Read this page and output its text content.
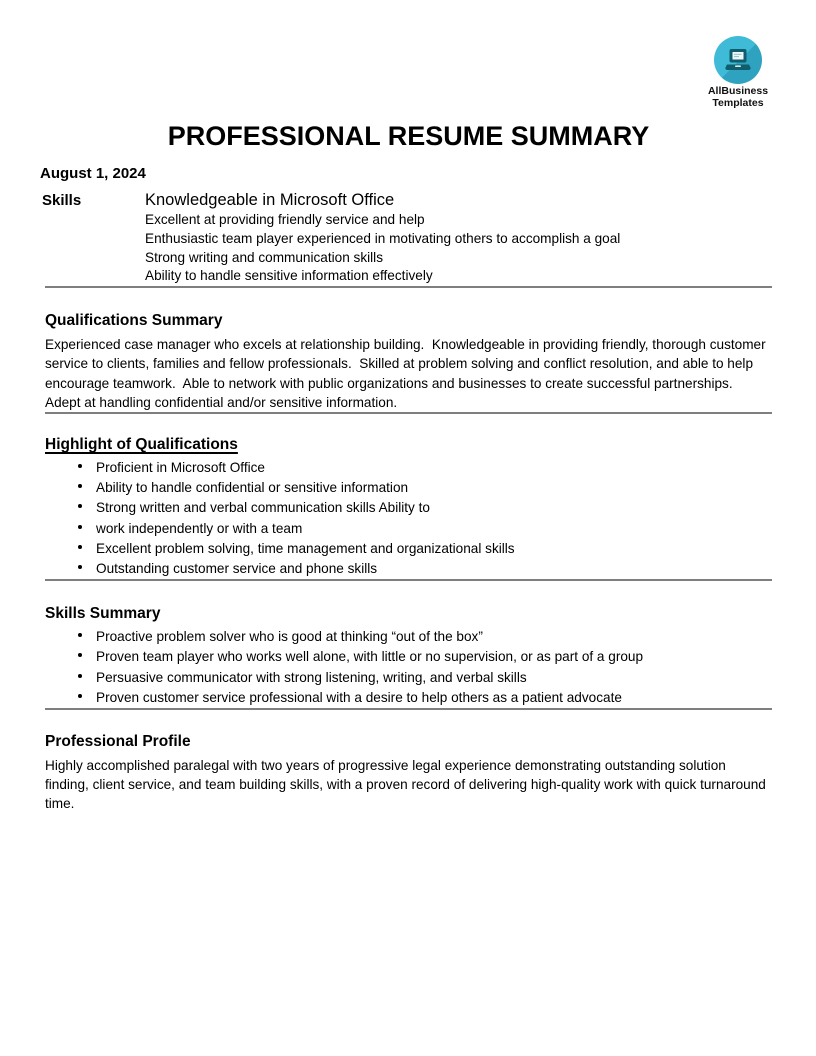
AllBusiness
Templates
PROFESSIONAL RESUME SUMMARY
August 1, 2024
Skills	Knowledgeable in Microsoft Office
Excellent at providing friendly service and help
Enthusiastic team player experienced in motivating others to accomplish a goal
Strong writing and communication skills
Ability to handle sensitive information effectively
Qualifications Summary

Experienced case manager who excels at relationship building.  Knowledgeable in providing friendly, thorough customer service to clients, families and fellow professionals.  Skilled at problem solving and conflict resolution, and able to help encourage teamwork.  Able to network with public organizations and businesses to create successful partnerships.  Adept at handling confidential and/or sensitive information.

Highlight of Qualifications
Proficient in Microsoft Office
Ability to handle confidential or sensitive information
Strong written and verbal communication skills Ability to
work independently or with a team
Excellent problem solving, time management and organizational skills
Outstanding customer service and phone skills
Skills Summary
Proactive problem solver who is good at thinking “out of the box”
Proven team player who works well alone, with little or no supervision, or as part of a group
Persuasive communicator with strong listening, writing, and verbal skills
Proven customer service professional with a desire to help others as a patient advocate
Professional Profile

Highly accomplished paralegal with two years of progressive legal experience demonstrating outstanding solution finding, client service, and team building skills, with a proven record of delivering high-quality work with quick turnaround time.
